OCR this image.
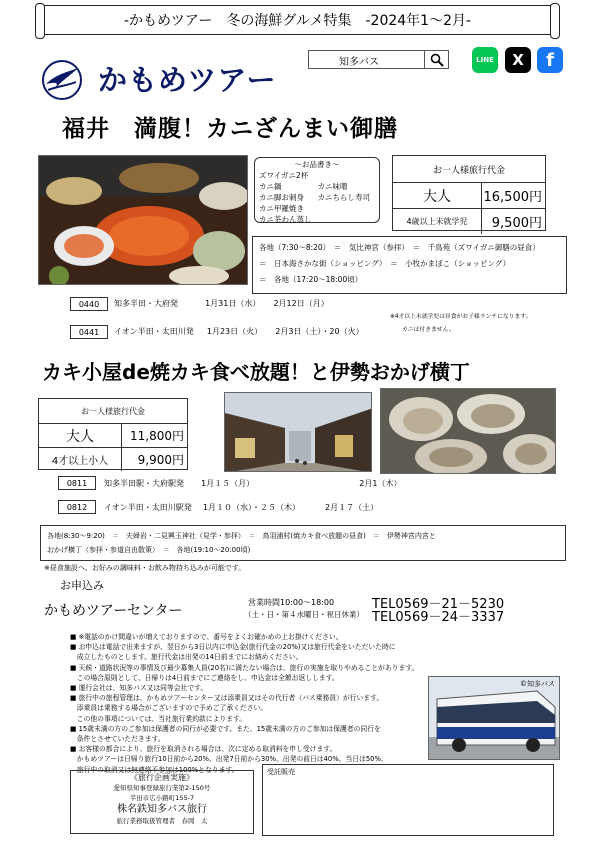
-かもめツアー　冬の海鮮グルメ特集　-2024年1～2月-
かもめツアー
知多バス	LINE X f
福井　満腹！カニざんまい御膳
～お品書き～
ズワイガニ2杯
カニ鍋
カニ脚お刺身
カニ甲羅焼き
カニ茶わん蒸し
カニ味噌
カニちらし寿司
お一人様旅行代金
大人	16,500円
4歳以上未就学児	9,500円
各地（7:30～8:20）　＝　気比神宮（参拝）　＝　千鳥苑（ズワイガニ御膳の昼食）
＝　日本海さかな街（ショッピング）　＝　小牧かまぼこ（ショッピング）
＝　各地（17:20～18:00頃）
0440	知多半田・大府発	1月31日（水） 2月12日（月）
0441	イオン半田・太田川発 1月23日（火） 2月3日（土）・20（火）
※4才以上未就学児は昼食がお子様ランチになります。
カニは付きません。
カキ小屋de焼カキ食べ放題！と伊勢おかげ横丁
お一人様旅行代金
大人	11,800円
4才以上小人	9,900円
0811	知多半田駅・大府駅発 1月１５（月）	2月1（木）
0812	イオン半田・太田川駅発 1月１０（水）・２５（木）	2月１７（土）
各地(8:30～9:20)　＝　夫婦岩・二見興玉神社（見学・参拝）　＝　鳥羽浦村(焼カキ食べ放題の昼食)　＝　伊勢神宮内宮と
おかげ横丁（参拝・参道自由散策）　＝　各地(19:10～20:00頃)
※昼食施設へ、お好みの調味料・お飲み物持ち込みが可能です。
お申込み
かもめツアーセンター
営業時間10:00～18:00
（土・日・第４水曜日・祝日休業）
TEL0569－21－5230
TEL0569－24－3337

■ ※電話のかけ間違いが増えておりますので、番号をよくお確かめの上お掛けください。

■ お申込は電話で出来ますが、翌日から3日以内に申込金(旅行代金の20%)又は旅行代金をいただいた時に

　成立したものとします。旅行代金は出発の14日前までにお納めください。

■ 天候・道路状況等の事情及び最少募集人員(20名)に満たない場合は、旅行の実施を取りやめることがあります。

　この場合原則として、日帰りは4日前までにご連絡をし、申込金は全額お返しします。

■ 運行会社は、知多バス又は同等会社です。

■ 旅行中の旅程管理は、かもめツアーセンター又は添乗員又はその代行者（バス乗務員）が行います。

　添乗員は乗務する場合がございますので予めご了承ください。

　この他の事項については、当社旅行業約款によります。

■ 15歳未満の方のご参加は保護者の同行が必要です。また、15歳未満の方のご参加は保護者の同行を

　条件とさせていただきます。

■ お客様の都合により、旅行を取消される場合は、次に定める取消料を申し受けます。

　かもめツアーは日帰り旅行10日前から20%、出発7日前から30%、出発の前日は40%、当日は50%、

　旅行中の取消又は無連絡不参加は100%となります。

©知多バス
《旅行企画実施》
愛知県知事登録旅行業第2-150号
半田市広小路町155-7
株名鉄知多バス旅行
旅行業務取扱管理者　春岡　太
受託販売
